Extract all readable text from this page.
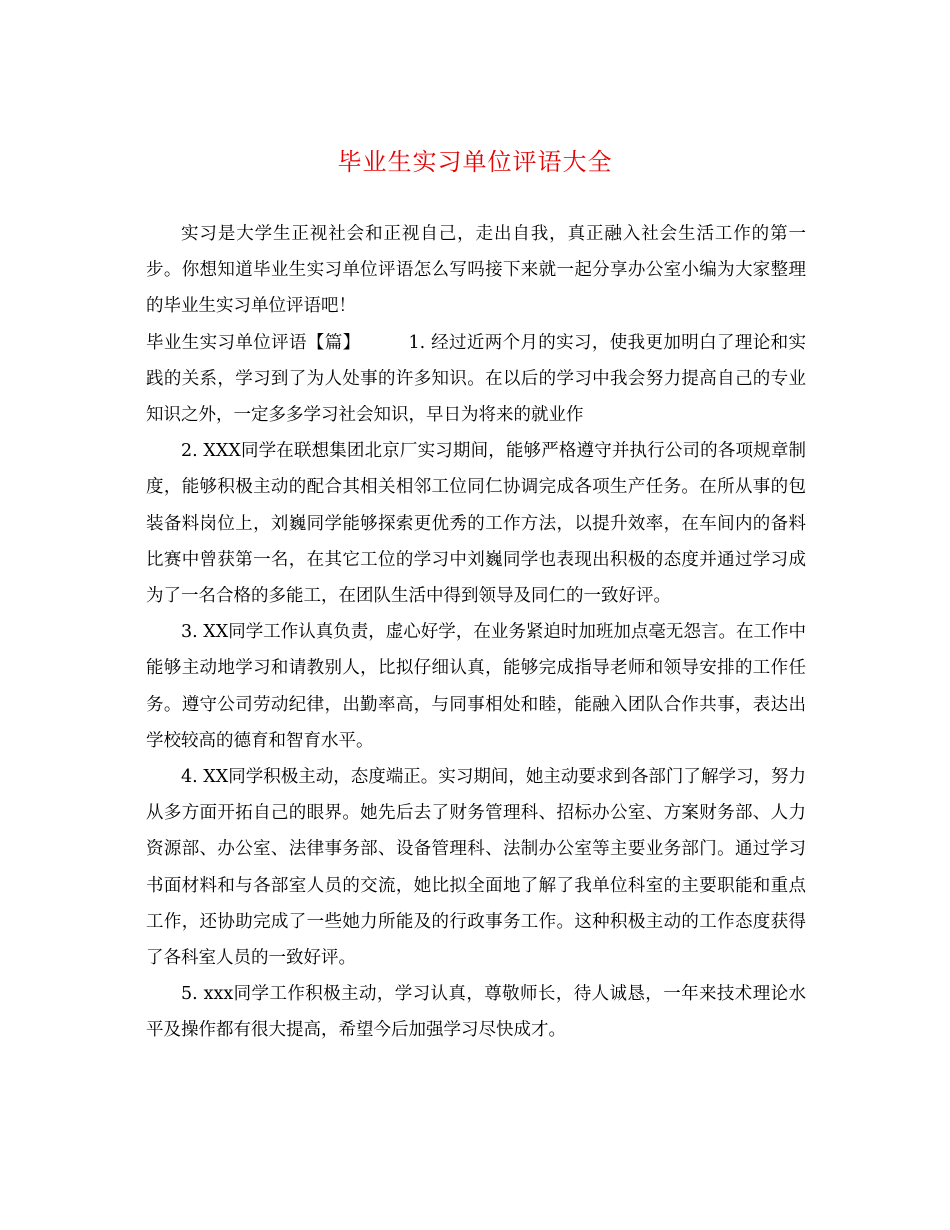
毕业生实习单位评语大全

实习是大学生正视社会和正视自己，走出自我，真正融入社会生活工作的第一步。你想知道毕业生实习单位评语怎么写吗接下来就一起分享办公室小编为大家整理的毕业生实习单位评语吧！

毕业生实习单位评语【篇】	1. 经过近两个月的实习，使我更加明白了理论和实践的关系，学习到了为人处事的许多知识。在以后的学习中我会努力提高自己的专业知识之外，一定多多学习社会知识，早日为将来的就业作

2. XXX同学在联想集团北京厂实习期间，能够严格遵守并执行公司的各项规章制度，能够积极主动的配合其相关相邻工位同仁协调完成各项生产任务。在所从事的包装备料岗位上，刘巍同学能够探索更优秀的工作方法，以提升效率，在车间内的备料比赛中曾获第一名，在其它工位的学习中刘巍同学也表现出积极的态度并通过学习成为了一名合格的多能工，在团队生活中得到领导及同仁的一致好评。

3. XX同学工作认真负责，虚心好学，在业务紧迫时加班加点毫无怨言。在工作中能够主动地学习和请教别人，比拟仔细认真，能够完成指导老师和领导安排的工作任务。遵守公司劳动纪律，出勤率高，与同事相处和睦，能融入团队合作共事，表达出学校较高的德育和智育水平。

4. XX同学积极主动，态度端正。实习期间，她主动要求到各部门了解学习，努力从多方面开拓自己的眼界。她先后去了财务管理科、招标办公室、方案财务部、人力资源部、办公室、法律事务部、设备管理科、法制办公室等主要业务部门。通过学习书面材料和与各部室人员的交流，她比拟全面地了解了我单位科室的主要职能和重点工作，还协助完成了一些她力所能及的行政事务工作。这种积极主动的工作态度获得了各科室人员的一致好评。

5. xxx同学工作积极主动，学习认真，尊敬师长，待人诚恳，一年来技术理论水平及操作都有很大提高，希望今后加强学习尽快成才。
